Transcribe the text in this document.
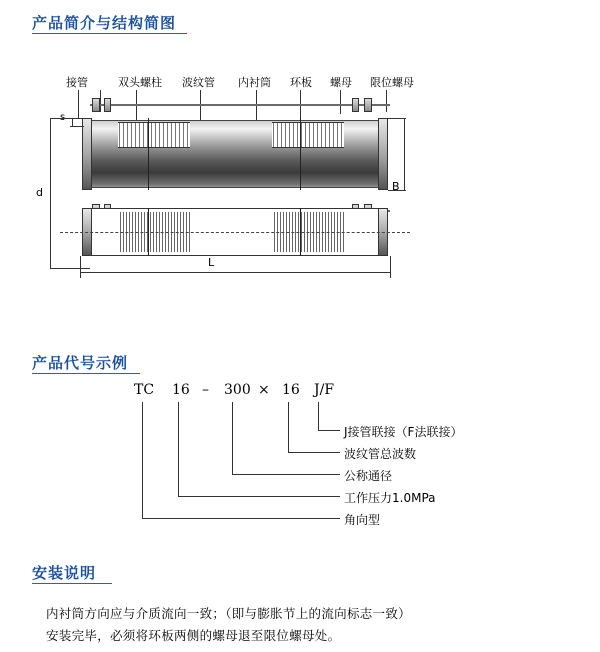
产品简介与结构简图
接管	双头螺柱 波纹管 内衬筒 环板 螺母 限位螺母
d	B
L
产品代号示例
TC 16 – 300 × 16 J/F
J接管联接（F法联接）
波纹管总波数
公称通径
工作压力1.0MPa
角向型
安装说明
内衬筒方向应与介质流向一致；（即与膨胀节上的流向标志一致）
安装完毕，必须将环板两侧的螺母退至限位螺母处。
